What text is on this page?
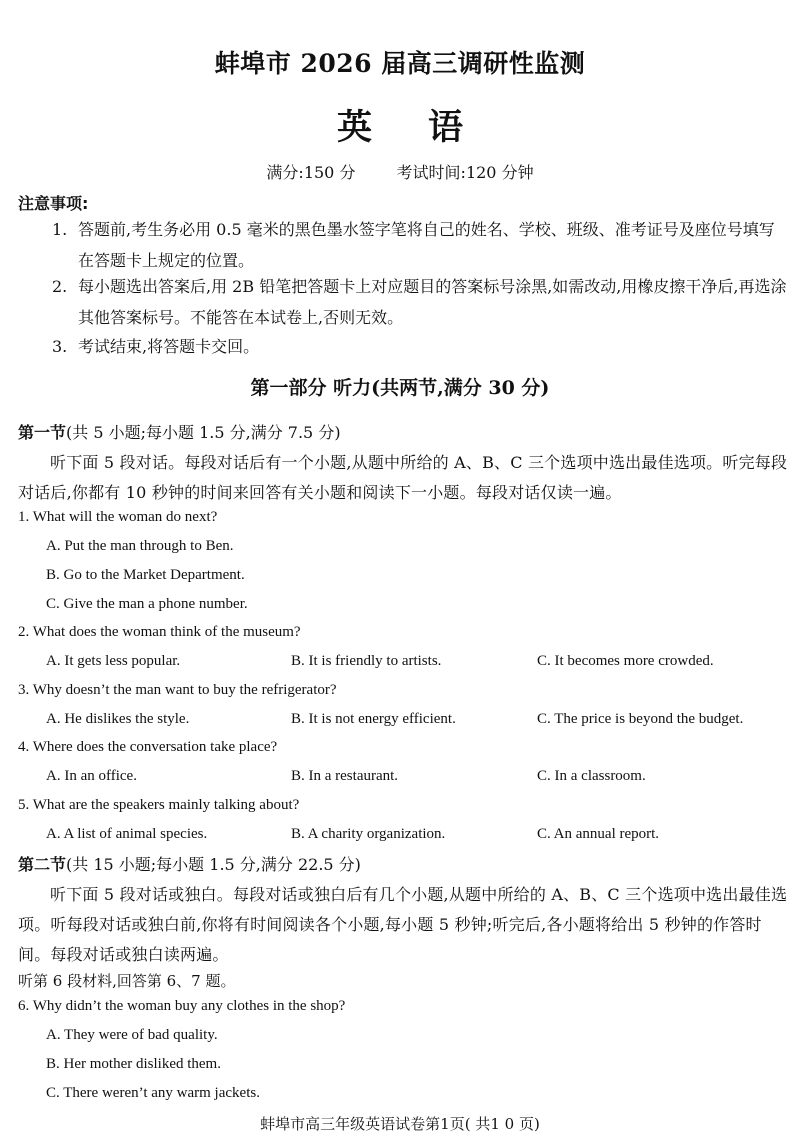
蚌埠市 2026 届高三调研性监测
英语
满分:150 分	考试时间:120 分钟
注意事项:
1. 答题前,考生务必用 0.5 毫米的黑色墨水签字笔将自己的姓名、学校、班级、准考证号及座位号填写在答题卡上规定的位置。
2. 每小题选出答案后,用 2B 铅笔把答题卡上对应题目的答案标号涂黑,如需改动,用橡皮擦干净后,再选涂其他答案标号。不能答在本试卷上,否则无效。
3. 考试结束,将答题卡交回。
第一部分 听力(共两节,满分 30 分)
第一节(共 5 小题;每小题 1.5 分,满分 7.5 分)
听下面 5 段对话。每段对话后有一个小题,从题中所给的 A、B、C 三个选项中选出最佳选项。听完每段对话后,你都有 10 秒钟的时间来回答有关小题和阅读下一小题。每段对话仅读一遍。
1. What will the woman do next?
A. Put the man through to Ben.
B. Go to the Market Department.
C. Give the man a phone number.
2. What does the woman think of the museum?
A. It gets less popular.	B. It is friendly to artists.	C. It becomes more crowded.
3. Why doesn’t the man want to buy the refrigerator?
A. He dislikes the style.	B. It is not energy efficient.	C. The price is beyond the budget.
4. Where does the conversation take place?
A. In an office.	B. In a restaurant.	C. In a classroom.
5. What are the speakers mainly talking about?
A. A list of animal species.	B. A charity organization.	C. An annual report.
第二节(共 15 小题;每小题 1.5 分,满分 22.5 分)
听下面 5 段对话或独白。每段对话或独白后有几个小题,从题中所给的 A、B、C 三个选项中选出最佳选项。听每段对话或独白前,你将有时间阅读各个小题,每小题 5 秒钟;听完后,各小题将给出 5 秒钟的作答时间。每段对话或独白读两遍。
听第 6 段材料,回答第 6、7 题。
6. Why didn’t the woman buy any clothes in the shop?
A. They were of bad quality.
B. Her mother disliked them.
C. There weren’t any warm jackets.
蚌埠市高三年级英语试卷第1页( 共1 0 页)
